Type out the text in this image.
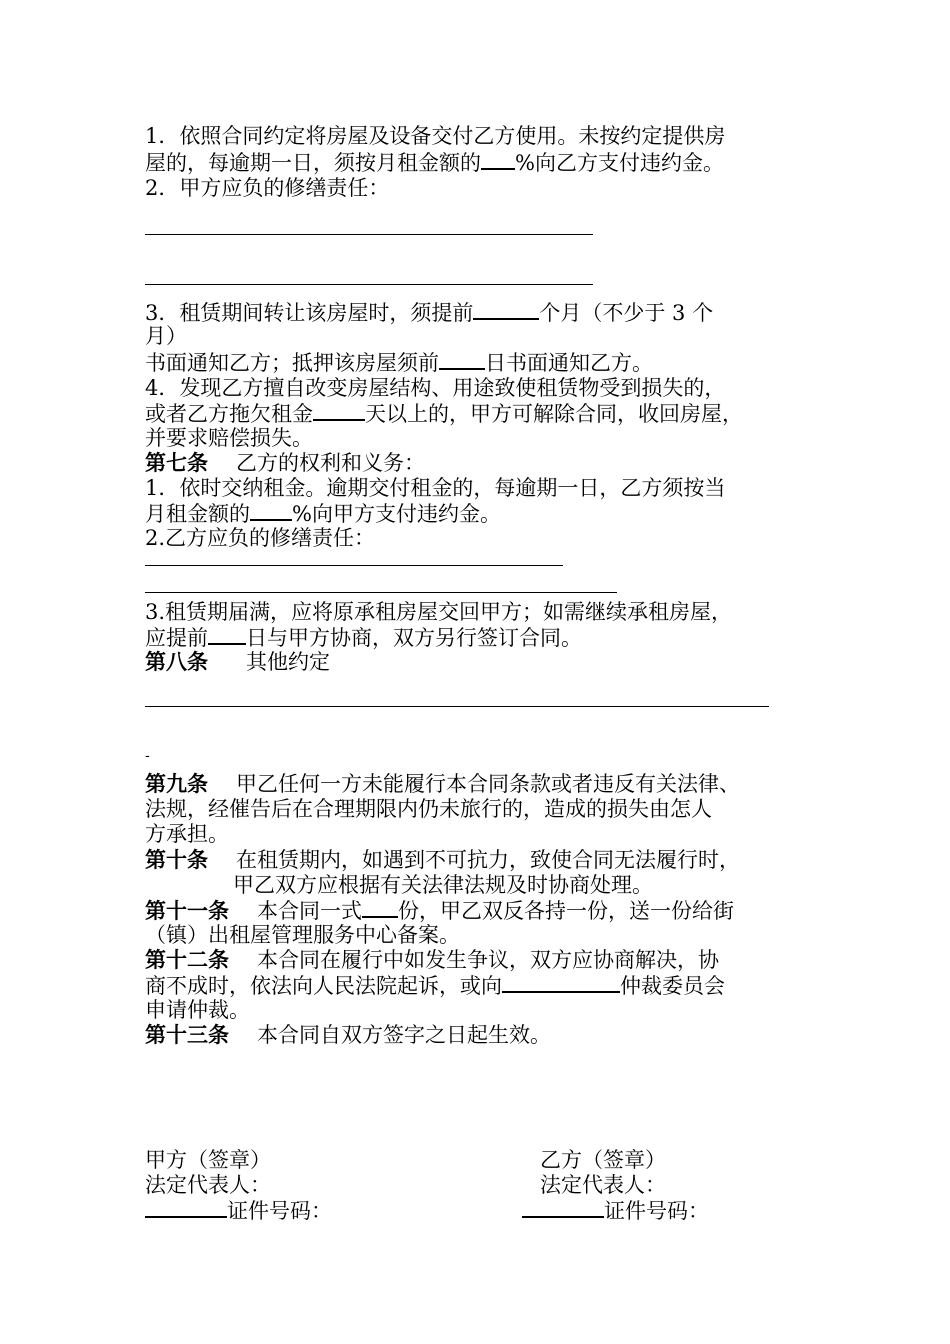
1．依照合同约定将房屋及设备交付乙方使用。未按约定提供房
屋的，每逾期一日，须按月租金额的 %向乙方支付违约金。
2．甲方应负的修缮责任：
3．租赁期间转让该房屋时，须提前	个月（不少于 3 个
月）
书面通知乙方；抵押该房屋须前 日书面通知乙方。
4．发现乙方擅自改变房屋结构、用途致使租赁物受到损失的，
或者乙方拖欠租金 天以上的，甲方可解除合同，收回房屋，
并要求赔偿损失。
第七条 乙方的权利和义务：
1．依时交纳租金。逾期交付租金的，每逾期一日，乙方须按当
月租金额的 %向甲方支付违约金。
2.乙方应负的修缮责任：
3.租赁期届满，应将原承租房屋交回甲方；如需继续承租房屋，
应提前 日与甲方协商，双方另行签订合同。
第八条 其他约定
-
第九条 甲乙任何一方未能履行本合同条款或者违反有关法律、
法规，经催告后在合理期限内仍未旅行的，造成的损失由怎人
方承担。
第十条 在租赁期内，如遇到不可抗力，致使合同无法履行时，
甲乙双方应根据有关法律法规及时协商处理。
第十一条 本合同一式 份，甲乙双反各持一份，送一份给街
（镇）出租屋管理服务中心备案。
第十二条 本合同在履行中如发生争议，双方应协商解决，协
商不成时，依法向人民法院起诉，或向	仲裁委员会
申请仲裁。
第十三条 本合同自双方签字之日起生效。
甲方（签章）	乙方（签章）
法定代表人：	法定代表人：
证件号码：	证件号码：
